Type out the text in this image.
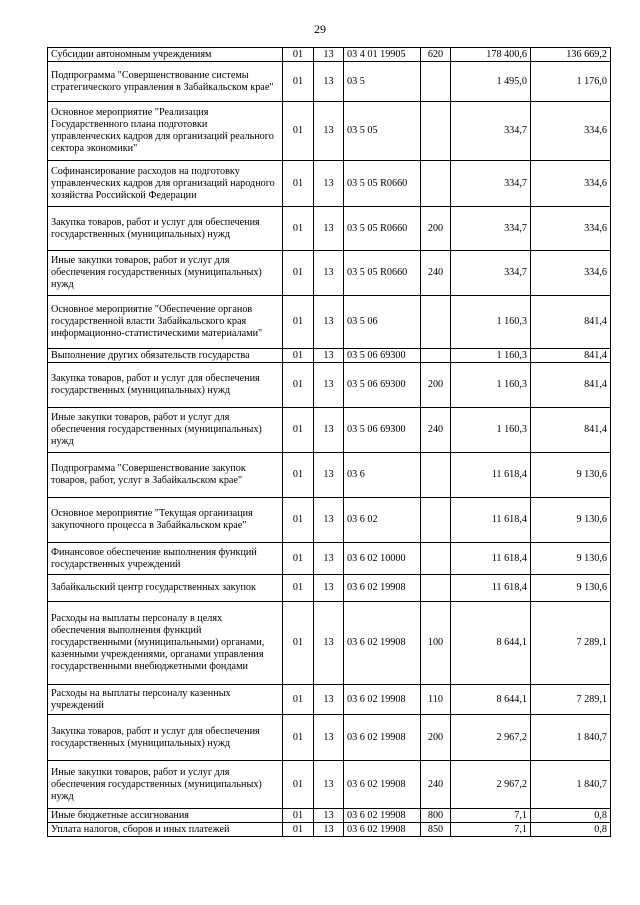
29
Субсидии автономным учреждениям	01	13	03 4 01 19905	620	178 400,6	136 669,2
Подпрограмма "Совершенствование системы стратегического управления в Забайкальском крае"	01	13	03 5		1 495,0	1 176,0
Основное мероприятие "Реализация Государственного плана подготовки управленческих кадров для организаций реального сектора экономики"	01	13	03 5 05		334,7	334,6
Софинансирование расходов на подготовку управленческих кадров для организаций народного хозяйства Российской Федерации	01	13	03 5 05 R0660		334,7	334,6
Закупка товаров, работ и услуг для обеспечения государственных (муниципальных) нужд	01	13	03 5 05 R0660	200	334,7	334,6
Иные закупки товаров, работ и услуг для обеспечения государственных (муниципальных) нужд	01	13	03 5 05 R0660	240	334,7	334,6
Основное мероприятие "Обеспечение органов государственной власти Забайкальского края информационно-статистическими материалами"	01	13	03 5 06		1 160,3	841,4
Выполнение других обязательств государства	01	13	03 5 06 69300		1 160,3	841,4
Закупка товаров, работ и услуг для обеспечения государственных (муниципальных) нужд	01	13	03 5 06 69300	200	1 160,3	841,4
Иные закупки товаров, работ и услуг для обеспечения государственных (муниципальных) нужд	01	13	03 5 06 69300	240	1 160,3	841,4
Подпрограмма "Совершенствование закупок товаров, работ, услуг в Забайкальском крае"	01	13	03 6		11 618,4	9 130,6
Основное мероприятие "Текущая организация закупочного процесса в Забайкальском крае"	01	13	03 6 02		11 618,4	9 130,6
Финансовое обеспечение выполнения функций государственных учреждений	01	13	03 6 02 10000		11 618,4	9 130,6
Забайкальский центр государственных закупок	01	13	03 6 02 19908		11 618,4	9 130,6
Расходы на выплаты персоналу в целях обеспечения выполнения функций государственными (муниципальными) органами, казенными учреждениями, органами управления государственными внебюджетными фондами	01	13	03 6 02 19908	100	8 644,1	7 289,1
Расходы на выплаты персоналу казенных учреждений	01	13	03 6 02 19908	110	8 644,1	7 289,1
Закупка товаров, работ и услуг для обеспечения государственных (муниципальных) нужд	01	13	03 6 02 19908	200	2 967,2	1 840,7
Иные закупки товаров, работ и услуг для обеспечения государственных (муниципальных) нужд	01	13	03 6 02 19908	240	2 967,2	1 840,7
Иные бюджетные ассигнования	01	13	03 6 02 19908	800	7,1	0,8
Уплата налогов, сборов и иных платежей	01	13	03 6 02 19908	850	7,1	0,8
